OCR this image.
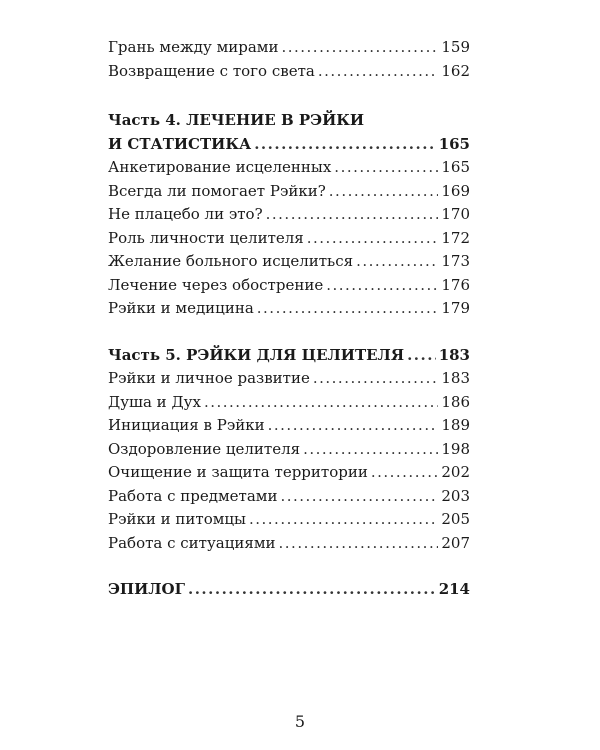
Грань между мирами .....	159
Возвращение с того света .....	162
Часть 4. ЛЕЧЕНИЕ В РЭЙКИ
И СТАТИСТИКА .....	165
Анкетирование исцеленных .....	165
Всегда ли помогает Рэйки? .....	169
Не плацебо ли это? .....	170
Роль личности целителя .....	172
Желание больного исцелиться .....	173
Лечение через обострение .....	176
Рэйки и медицина .....	179
Часть 5. РЭЙКИ ДЛЯ ЦЕЛИТЕЛЯ ..... 183
Рэйки и личное развитие .....	183
Душа и Дух .....	186
Инициация в Рэйки .....	189
Оздоровление целителя .....	198
Очищение и защита территории .....	202
Работа с предметами .....	203
Рэйки и питомцы .....	205
Работа с ситуациями .....	207
ЭПИЛОГ .....	214
5
